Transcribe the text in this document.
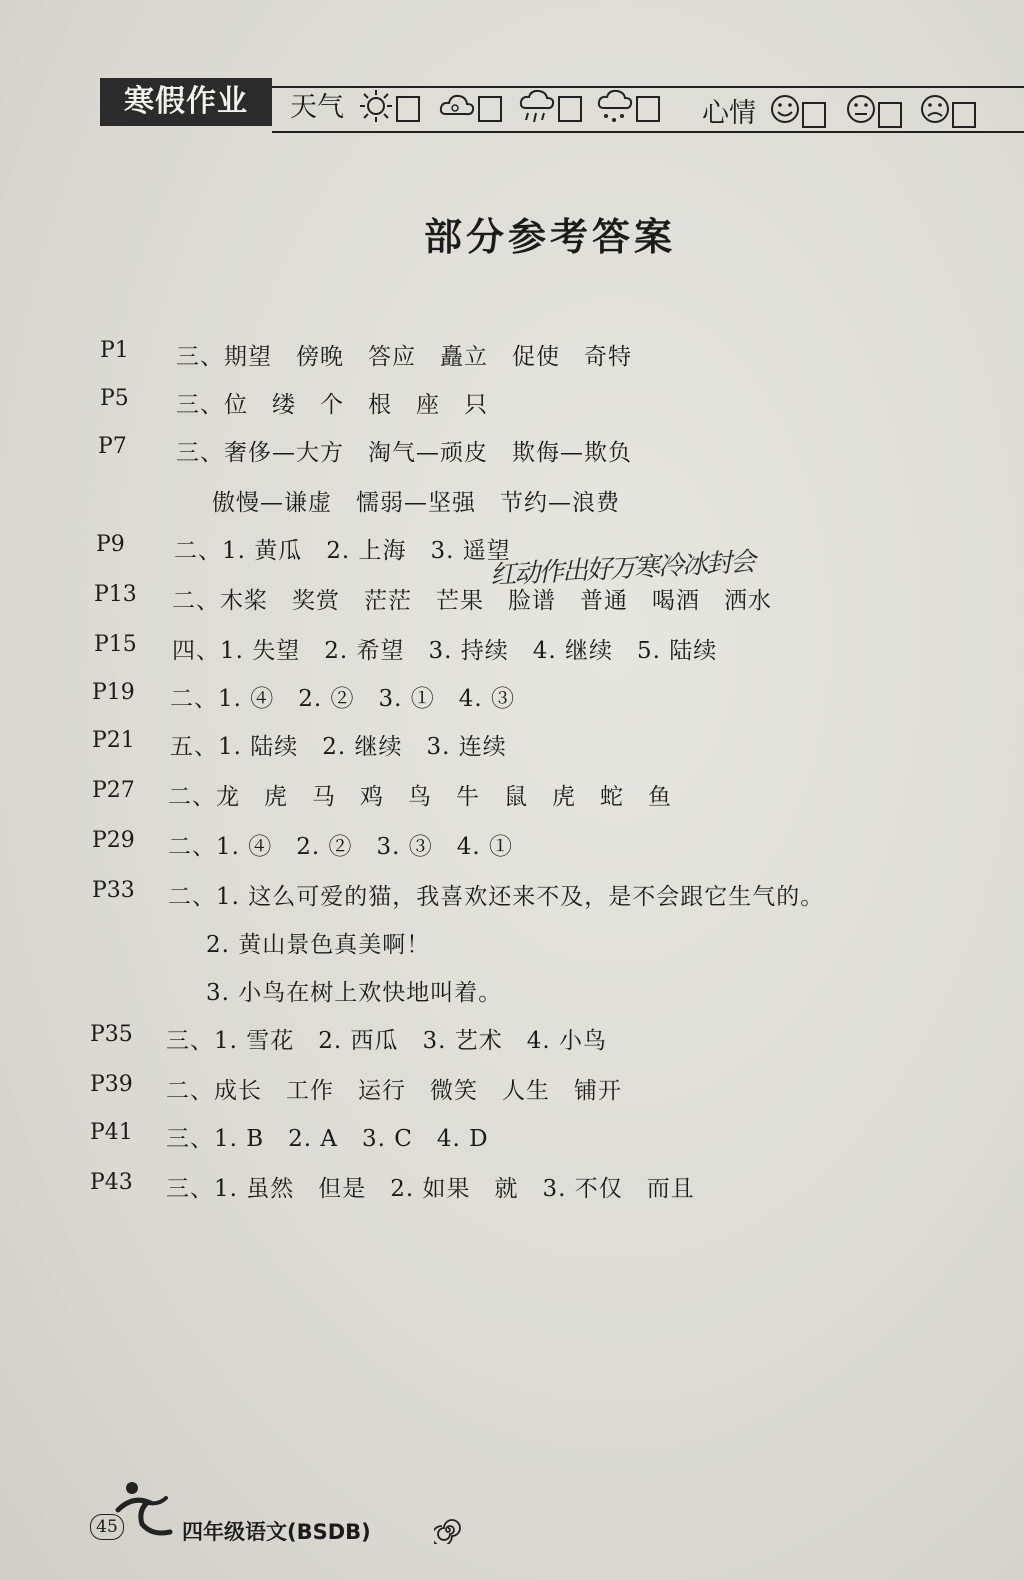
寒假作业	天气	心情
部分参考答案
P1 三、期望　傍晚　答应　矗立　促使　奇特
P5 三、位　缕　个　根　座　只
P7 三、奢侈—大方　淘气—顽皮　欺侮—欺负
傲慢—谦虚　懦弱—坚强　节约—浪费
P9 二、1. 黄瓜　2. 上海　3. 遥望
P13 二、木桨　奖赏　茫茫　芒果　脸谱　普通　喝酒　洒水
P15 四、1. 失望　2. 希望　3. 持续　4. 继续　5. 陆续
P19 二、1. ④　2. ②　3. ①　4. ③
P21 五、1. 陆续　2. 继续　3. 连续
P27 二、龙　虎　马　鸡　鸟　牛　鼠　虎　蛇　鱼
P29 二、1. ④　2. ②　3. ③　4. ①
P33 二、1. 这么可爱的猫，我喜欢还来不及，是不会跟它生气的。
2. 黄山景色真美啊！
3. 小鸟在树上欢快地叫着。
P35 三、1. 雪花　2. 西瓜　3. 艺术　4. 小鸟
P39 二、成长　工作　运行　微笑　人生　铺开
P41 三、1. B　2. A　3. C　4. D
P43 三、1. 虽然　但是　2. 如果　就　3. 不仅　而且
红动作出好万寒冷冰封会
45	四年级语文(BSDB)
